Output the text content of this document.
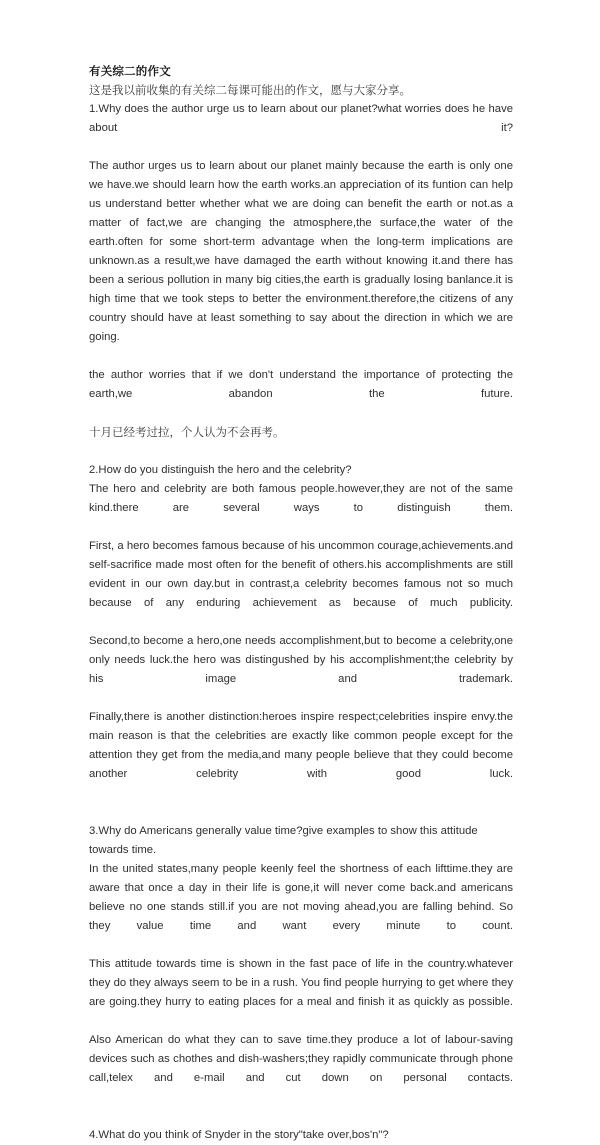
有关综二的作文
这是我以前收集的有关综二每课可能出的作文，愿与大家分享。
1.Why does the author urge us to learn about our planet?what worries does he have about it?
The author urges us to learn about our planet mainly because the earth is only one we have.we should learn how the earth works.an appreciation of its funtion can help us understand better whether what we are doing can benefit the earth or not.as a matter of fact,we are changing the atmosphere,the surface,the water of the earth.often for some short-term advantage when the long-term implications are unknown.as a result,we have damaged the earth without knowing it.and there has been a serious pollution in many big cities,the earth is gradually losing banlance.it is high time that we took steps to better the environment.therefore,the citizens of any country should have at least something to say about the direction in which we are going.
the author worries that if we don't understand the importance of protecting the earth,we abandon the future.
十月已经考过拉，个人认为不会再考。
2.How do you distinguish the hero and the celebrity?
The hero and celebrity are both famous people.however,they are not of the same kind.there are several ways to distinguish them.
First, a hero becomes famous because of his uncommon courage,achievements.and self-sacrifice made most often for the benefit of others.his accomplishments are still evident in our own day.but in contrast,a celebrity becomes famous not so much because of any enduring achievement as because of much publicity.
Second,to become a hero,one needs accomplishment,but to become a celebrity,one only needs luck.the hero was distingushed by his accomplishment;the celebrity by his image and trademark.
Finally,there is another distinction:heroes inspire respect;celebrities inspire envy.the main reason is that the celebrities are exactly like common people except for the attention they get from the media,and many people believe that they could become another celebrity with good luck.
3.Why do Americans generally value time?give examples to show this attitude towards time.
In the united states,many people keenly feel the shortness of each lifttime.they are aware that once a day in their life is gone,it will never come back.and americans believe no one stands still.if you are not moving ahead,you are falling behind. So they value time and want every minute to count.
This attitude towards time is shown in the fast pace of life in the country.whatever they do they always seem to be in a rush. You find people hurrying to get where they are going.they hurry to eating places for a meal and finish it as quickly as possible.
Also American do what they can to save time.they produce a lot of labour-saving devices such as chothes and dish-washers;they rapidly communicate through phone call,telex and e-mail and cut down on personal contacts.
4.What do you think of Snyder in the story"take over,bos'n"?
